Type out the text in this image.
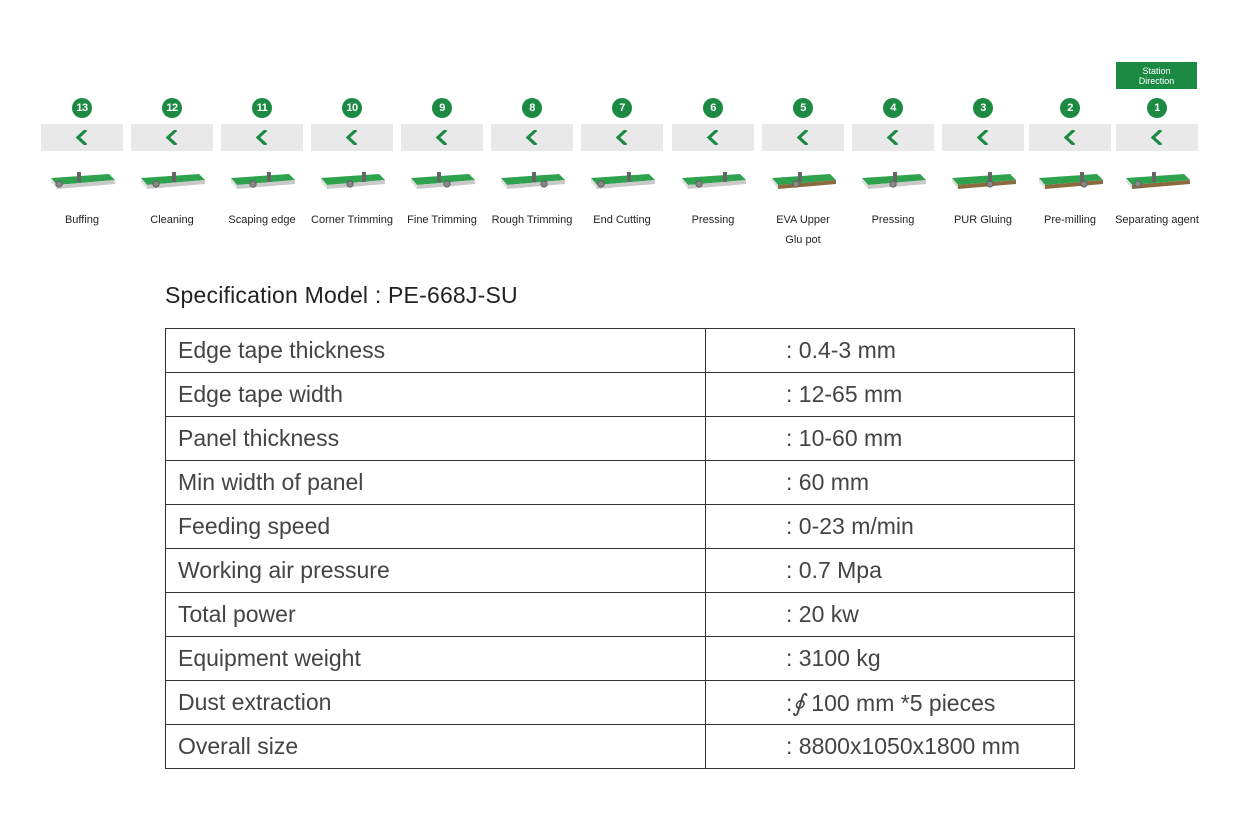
Station
Direction
13
Buffing
12
Cleaning
11
Scaping edge
10
Corner Trimming
9
Fine Trimming
8
Rough Trimming
7
End Cutting
6
Pressing
5
EVA Upper
Glu pot
4
Pressing
3
PUR Gluing
2
Pre-milling
1
Separating agent
Specification Model : PE-668J-SU
Edge tape thickness	: 0.4-3 mm
Edge tape width	: 12-65 mm
Panel thickness	: 10-60 mm
Min width of panel	: 60 mm
Feeding speed	: 0-23 m/min
Working air pressure	: 0.7 Mpa
Total power	: 20 kw
Equipment weight	: 3100 kg
Dust extraction	:∮ 100 mm *5 pieces
Overall size	: 8800x1050x1800 mm
